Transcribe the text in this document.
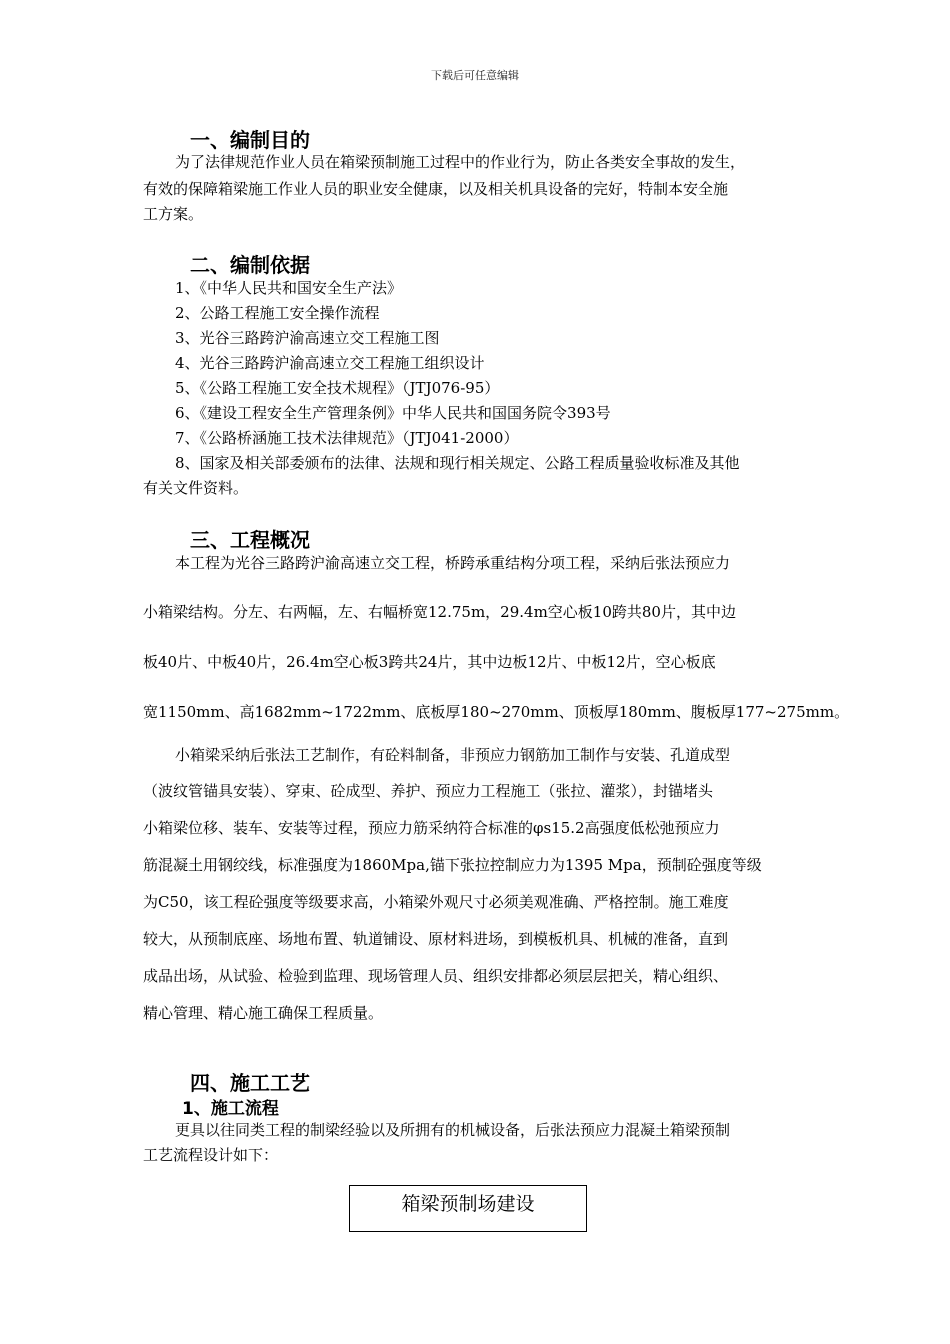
下载后可任意编辑
一、编制目的
为了法律规范作业人员在箱梁预制施工过程中的作业行为，防止各类安全事故的发生，
有效的保障箱梁施工作业人员的职业安全健康，以及相关机具设备的完好，特制本安全施
工方案。
二、编制依据
1、《中华人民共和国安全生产法》
2、公路工程施工安全操作流程
3、光谷三路跨沪渝高速立交工程施工图
4、光谷三路跨沪渝高速立交工程施工组织设计
5、《公路工程施工安全技术规程》（JTJ076-95）
6、《建设工程安全生产管理条例》中华人民共和国国务院令393号
7、《公路桥涵施工技术法律规范》（JTJ041-2000）
8、国家及相关部委颁布的法律、法规和现行相关规定、公路工程质量验收标准及其他
有关文件资料。
三、工程概况
本工程为光谷三路跨沪渝高速立交工程，桥跨承重结构分项工程，采纳后张法预应力
小箱梁结构。分左、右两幅，左、右幅桥宽12.75m，29.4m空心板10跨共80片，其中边
板40片、中板40片，26.4m空心板3跨共24片，其中边板12片、中板12片，空心板底
宽1150mm、高1682mm~1722mm、底板厚180~270mm、顶板厚180mm、腹板厚177~275mm。
小箱梁采纳后张法工艺制作，有砼料制备，非预应力钢筋加工制作与安装、孔道成型
（波纹管锚具安装）、穿束、砼成型、养护、预应力工程施工（张拉、灌浆），封锚堵头
小箱梁位移、装车、安装等过程，预应力筋采纳符合标准的φs15.2高强度低松弛预应力
筋混凝土用钢绞线，标准强度为1860Mpa,锚下张拉控制应力为1395 Mpa，预制砼强度等级
为C50，该工程砼强度等级要求高，小箱梁外观尺寸必须美观准确、严格控制。施工难度
较大，从预制底座、场地布置、轨道铺设、原材料进场，到模板机具、机械的准备，直到
成品出场，从试验、检验到监理、现场管理人员、组织安排都必须层层把关，精心组织、
精心管理、精心施工确保工程质量。
四、施工工艺
1、施工流程
更具以往同类工程的制梁经验以及所拥有的机械设备，后张法预应力混凝土箱梁预制
工艺流程设计如下：
箱梁预制场建设
